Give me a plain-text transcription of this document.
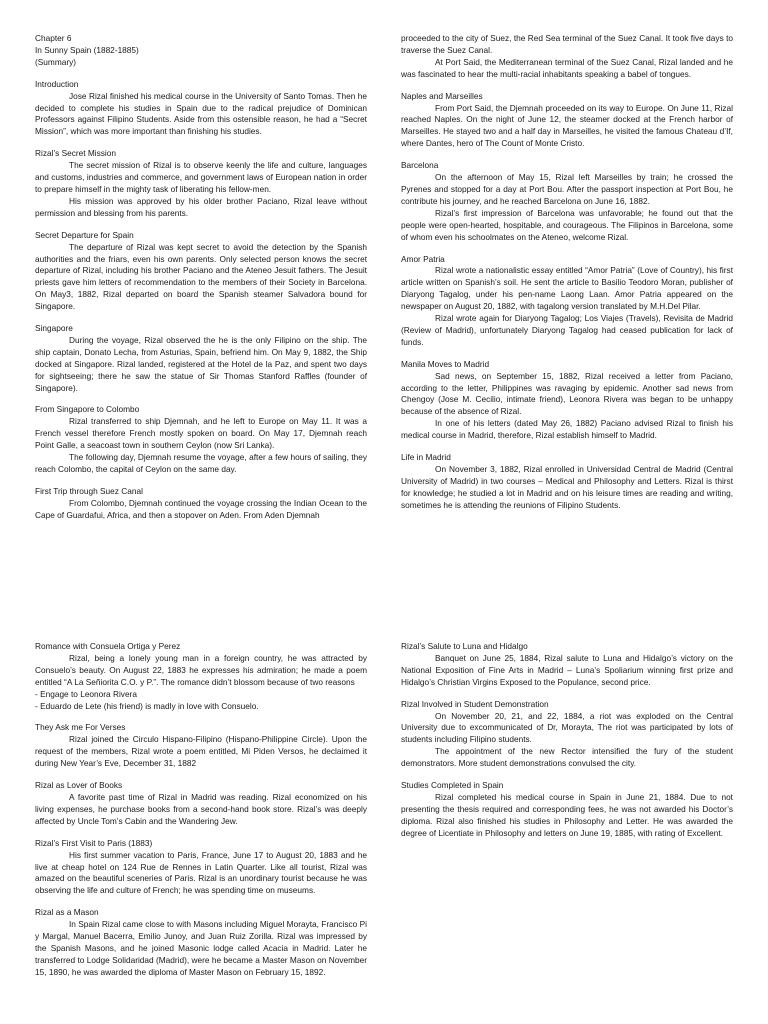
Chapter 6
In Sunny Spain (1882-1885)
(Summary)
Introduction

Jose Rizal finished his medical course in the University of Santo Tomas. Then he decided to complete his studies in Spain due to the radical prejudice of Dominican Professors against Filipino Students. Aside from this ostensible reason, he had a “Secret Mission”, which was more important than finishing his studies.

Rizal’s Secret Mission

The secret mission of Rizal is to observe keenly the life and culture, languages and customs, industries and commerce, and government laws of European nation in order to prepare himself in the mighty task of liberating his fellow-men.

His mission was approved by his older brother Paciano, Rizal leave without permission and blessing from his parents.

Secret Departure for Spain

The departure of Rizal was kept secret to avoid the detection by the Spanish authorities and the friars, even his own parents. Only selected person knows the secret departure of Rizal, including his brother Paciano and the Ateneo Jesuit fathers. The Jesuit priests gave him letters of recommendation to the members of their Society in Barcelona. On May3, 1882, Rizal departed on board the Spanish steamer Salvadora bound for Singapore.

Singapore

During the voyage, Rizal observed the he is the only Filipino on the ship. The ship captain, Donato Lecha, from Asturias, Spain, befriend him. On May 9, 1882, the Ship docked at Singapore. Rizal landed, registered at the Hotel de la Paz, and spent two days for sightseeing; there he saw the statue of Sir Thomas Stanford Raffles (founder of Singapore).

From Singapore to Colombo

Rizal transferred to ship Djemnah, and he left to Europe on May 11. It was a French vessel therefore French mostly spoken on board. On May 17, Djemnah reach Point Galle, a seacoast town in southern Ceylon (now Sri Lanka).

The following day, Djemnah resume the voyage, after a few hours of sailing, they reach Colombo, the capital of Ceylon on the same day.

First Trip through Suez Canal

From Colombo, Djemnah continued the voyage crossing the Indian Ocean to the Cape of Guardafui, Africa, and then a stopover on Aden. From Aden Djemnah

proceeded to the city of Suez, the Red Sea terminal of the Suez Canal. It took five days to traverse the Suez Canal.

At Port Said, the Mediterranean terminal of the Suez Canal, Rizal landed and he was fascinated to hear the multi-racial inhabitants speaking a babel of tongues.

Naples and Marseilles

From Port Said, the Djemnah proceeded on its way to Europe. On June 11, Rizal reached Naples. On the night of June 12, the steamer docked at the French harbor of Marseilles. He stayed two and a half day in Marseilles, he visited the famous Chateau d’If, where Dantes, hero of The Count of Monte Cristo.

Barcelona

On the afternoon of May 15, Rizal left Marseilles by train; he crossed the Pyrenes and stopped for a day at Port Bou. After the passport inspection at Port Bou, he contribute his journey, and he reached Barcelona on June 16, 1882.

Rizal’s first impression of Barcelona was unfavorable; he found out that the people were open-hearted, hospitable, and courageous. The Filipinos in Barcelona, some of whom even his schoolmates on the Ateneo, welcome Rizal.

Amor Patria

Rizal wrote a nationalistic essay entitled “Amor Patria” (Love of Country), his first article written on Spanish’s soil. He sent the article to Basilio Teodoro Moran, publisher of Diaryong Tagalog, under his pen-name Laong Laan. Amor Patria appeared on the newspaper on August 20, 1882, with tagalong version translated by M.H.Del Pilar.

Rizal wrote again for Diaryong Tagalog; Los Viajes (Travels), Revisita de Madrid (Review of Madrid), unfortunately Diaryong Tagalog had ceased publication for lack of funds.

Manila Moves to Madrid

Sad news, on September 15, 1882, Rizal received a letter from Paciano, according to the letter, Philippines was ravaging by epidemic. Another sad news from Chengoy (Jose M. Cecilio, intimate friend), Leonora Rivera was began to be unhappy because of the absence of Rizal.

In one of his letters (dated May 26, 1882) Paciano advised Rizal to finish his medical course in Madrid, therefore, Rizal establish himself to Madrid.

Life in Madrid

On November 3, 1882, Rizal enrolled in Universidad Central de Madrid (Central University of Madrid) in two courses – Medical and Philosophy and Letters. Rizal is thirst for knowledge; he studied a lot in Madrid and on his leisure times are reading and writing, sometimes he is attending the reunions of Filipino Students.

Romance with Consuela Ortiga y Perez

Rizal, being a lonely young man in a foreign country, he was attracted by Consuelo’s beauty. On August 22, 1883 he expresses his admiration; he made a poem entitled “A La Señiorita C.O. y P.”. The romance didn’t blossom because of two reasons

- Engage to Leonora Rivera
- Eduardo de Lete (his friend) is madly in love with Consuelo.
They Ask me For Verses

Rizal joined the Circulo Hispano-Filipino (Hispano-Philippine Circle). Upon the request of the members, Rizal wrote a poem entitled, Mi Piden Versos, he declaimed it during New Year’s Eve, December 31, 1882

Rizal as Lover of Books

A favorite past time of Rizal in Madrid was reading. Rizal economized on his living expenses, he purchase books from a second-hand book store. Rizal’s was deeply affected by Uncle Tom’s Cabin and the Wandering Jew.

Rizal’s First Visit to Paris (1883)

His first summer vacation to Paris, France, June 17 to August 20, 1883 and he live at cheap hotel on 124 Rue de Rennes in Latin Quarter. Like all tourist, Rizal was amazed on the beautiful sceneries of Paris. Rizal is an unordinary tourist because he was observing the life and culture of French; he was spending time on museums.

Rizal as a Mason

In Spain Rizal came close to with Masons including Miguel Morayta, Francisco Pi y Margal, Manuel Bacerra, Emilio Junoy, and Juan Ruiz Zorilla. Rizal was impressed by the Spanish Masons, and he joined Masonic lodge called Acacia in Madrid. Later he transferred to Lodge Solidaridad (Madrid), were he became a Master Mason on November 15, 1890, he was awarded the diploma of Master Mason on February 15, 1892.

Rizal’s Salute to Luna and Hidalgo

Banquet on June 25, 1884, Rizal salute to Luna and Hidalgo’s victory on the National Exposition of Fine Arts in Madrid – Luna’s Spoliarium winning first prize and Hidalgo’s Christian Virgins Exposed to the Populance, second price.

Rizal Involved in Student Demonstration

On November 20, 21, and 22, 1884, a riot was exploded on the Central University due to excommunicated of Dr, Morayta, The riot was participated by lots of students including Filipino students.

The appointment of the new Rector intensified the fury of the student demonstrators. More student demonstrations convulsed the city.

Studies Completed in Spain

Rizal completed his medical course in Spain in June 21, 1884. Due to not presenting the thesis required and corresponding fees, he was not awarded his Doctor’s diploma. Rizal also finished his studies in Philosophy and Letter. He was awarded the degree of Licentiate in Philosophy and letters on June 19, 1885, with rating of Excellent.
